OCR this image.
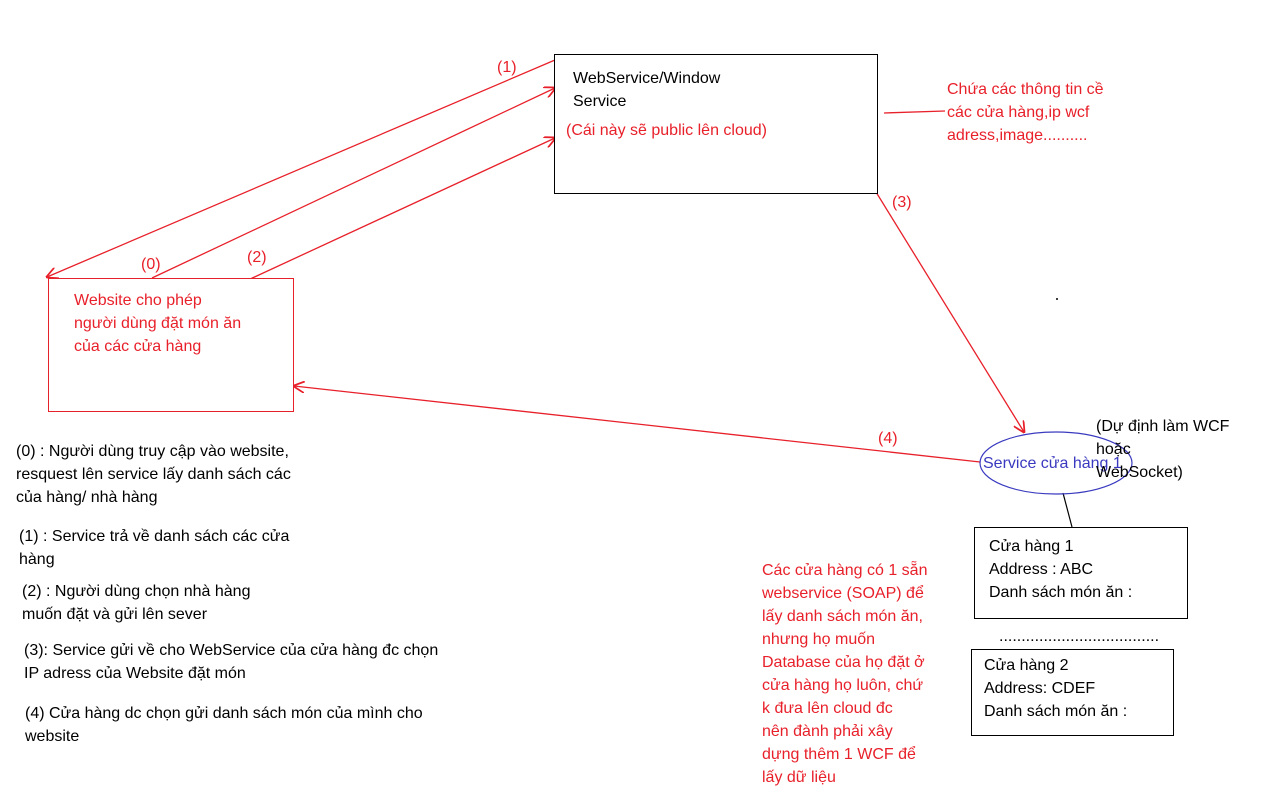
WebService/Window
Service
(Cái này sẽ public lên cloud)
Chứa các thông tin cề
các cửa hàng,ip wcf
adress,image..........
Website cho phép
người dùng đặt món ăn
của các cửa hàng
(1)
(0)	(2)
(3)
(4)
Service cửa hàng 1
(Dự định làm WCF
hoặc
WebSocket)
Cửa hàng 1
Address : ABC
Danh sách món ăn :
....................................
Cửa hàng 2
Address: CDEF
Danh sách món ăn :
Các cửa hàng có 1 sẵn
webservice (SOAP) để
lấy danh sách món ăn,
nhưng họ muốn
Database của họ đặt ở
cửa hàng họ luôn, chứ
k đưa lên cloud đc
nên đành phải xây
dựng thêm 1 WCF để
lấy dữ liệu
(0) : Người dùng truy cập vào website,
resquest lên service lấy danh sách các
của hàng/ nhà hàng
(1) : Service trả về danh sách các cửa
hàng
(2) : Người dùng chọn nhà hàng
muốn đặt và gửi lên sever
(3): Service gửi về cho WebService của cửa hàng đc chọn
IP adress của Website đặt món
(4) Cửa hàng dc chọn gửi danh sách món của mình cho
website
